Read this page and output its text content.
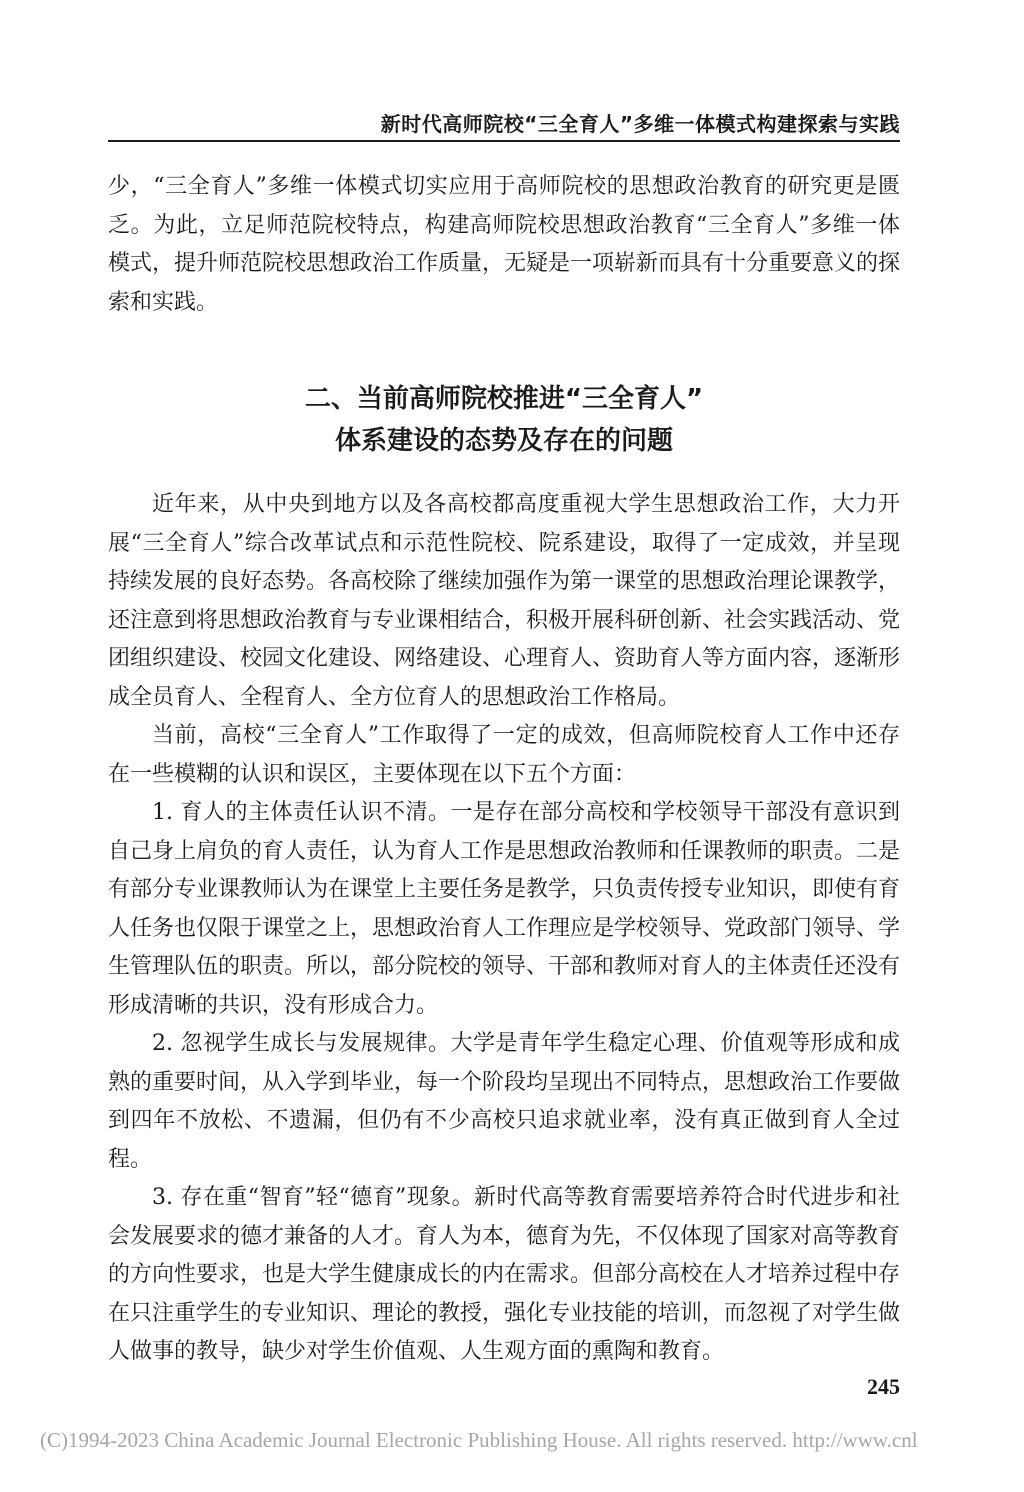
新时代高师院校“三全育人”多维一体模式构建探索与实践

少，“三全育人”多维一体模式切实应用于高师院校的思想政治教育的研究更是匮乏。为此，立足师范院校特点，构建高师院校思想政治教育“三全育人”多维一体模式，提升师范院校思想政治工作质量，无疑是一项崭新而具有十分重要意义的探索和实践。

二、当前高师院校推进“三全育人”
体系建设的态势及存在的问题

近年来，从中央到地方以及各高校都高度重视大学生思想政治工作，大力开展“三全育人”综合改革试点和示范性院校、院系建设，取得了一定成效，并呈现持续发展的良好态势。各高校除了继续加强作为第一课堂的思想政治理论课教学，还注意到将思想政治教育与专业课相结合，积极开展科研创新、社会实践活动、党团组织建设、校园文化建设、网络建设、心理育人、资助育人等方面内容，逐渐形成全员育人、全程育人、全方位育人的思想政治工作格局。

当前，高校“三全育人”工作取得了一定的成效，但高师院校育人工作中还存在一些模糊的认识和误区，主要体现在以下五个方面：

1. 育人的主体责任认识不清。一是存在部分高校和学校领导干部没有意识到自己身上肩负的育人责任，认为育人工作是思想政治教师和任课教师的职责。二是有部分专业课教师认为在课堂上主要任务是教学，只负责传授专业知识，即使有育人任务也仅限于课堂之上，思想政治育人工作理应是学校领导、党政部门领导、学生管理队伍的职责。所以，部分院校的领导、干部和教师对育人的主体责任还没有形成清晰的共识，没有形成合力。

2. 忽视学生成长与发展规律。大学是青年学生稳定心理、价值观等形成和成熟的重要时间，从入学到毕业，每一个阶段均呈现出不同特点，思想政治工作要做到四年不放松、不遗漏，但仍有不少高校只追求就业率，没有真正做到育人全过程。

3. 存在重“智育”轻“德育”现象。新时代高等教育需要培养符合时代进步和社会发展要求的德才兼备的人才。育人为本，德育为先，不仅体现了国家对高等教育的方向性要求，也是大学生健康成长的内在需求。但部分高校在人才培养过程中存在只注重学生的专业知识、理论的教授，强化专业技能的培训，而忽视了对学生做人做事的教导，缺少对学生价值观、人生观方面的熏陶和教育。

245
(C)1994-2023 China Academic Journal Electronic Publishing House. All rights reserved. http://www.cnl
